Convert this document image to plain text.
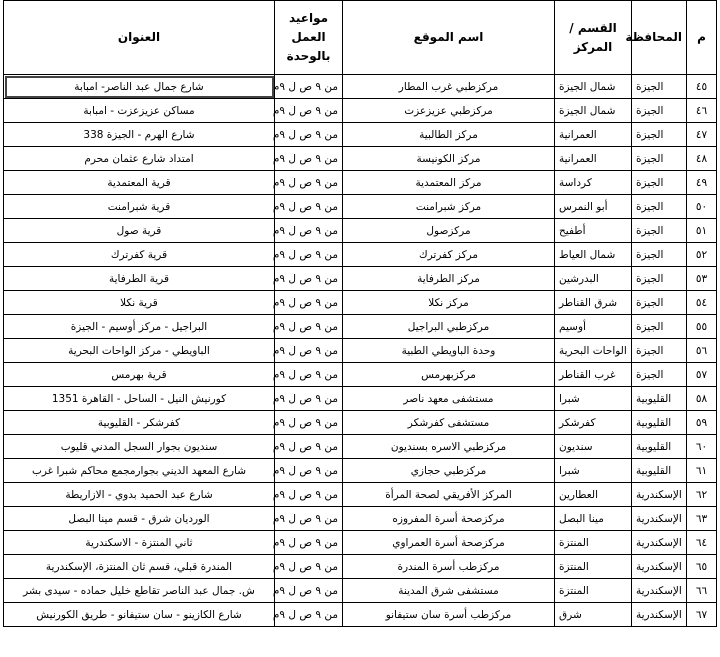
م	المحافظة	القسم / المركز	اسم الموقع	مواعيد العمل بالوحدة	العنوان
٤٥	الجيزة	شمال الجيزة	مركزطبي غرب المطار	من ٩ ص ل ٩م	شارع جمال عبد الناصر- امبابة
٤٦	الجيزة	شمال الجيزة	مركزطبي عزيزعزت	من ٩ ص ل ٩م	مساكن عزيزعزت - امبابة
٤٧	الجيزة	العمرانية	مركز الطالبية	من ٩ ص ل ٩م	شارع الهرم - الجيزة 338
٤٨	الجيزة	العمرانية	مركز الكونيسة	من ٩ ص ل ٩م	امتداد شارع عثمان محرم
٤٩	الجيزة	كرداسة	مركز المعتمدية	من ٩ ص ل ٩م	قرية المعتمدية
٥٠	الجيزة	أبو النمرس	مركز شبرامنت	من ٩ ص ل ٩م	قرية شبرامنت
٥١	الجيزة	أطفيح	مركزصول	من ٩ ص ل ٩م	قرية صول
٥٢	الجيزة	شمال العياط	مركز كفرترك	من ٩ ص ل ٩م	قرية كفرترك
٥٣	الجيزة	البدرشين	مركز الطرفاية	من ٩ ص ل ٩م	قرية الطرفاية
٥٤	الجيزة	شرق القناطر	مركز نكلا	من ٩ ص ل ٩م	قرية نكلا
٥٥	الجيزة	أوسيم	مركزطبي البراجيل	من ٩ ص ل ٩م	البراجيل - مركز أوسيم - الجيزة
٥٦	الجيزة	الواحات البحرية	وحدة الباويطي الطبية	من ٩ ص ل ٩م	الباويطي - مركز الواحات البحرية
٥٧	الجيزة	غرب القناطر	مركزبهرمس	من ٩ ص ل ٩م	قرية بهرمس
٥٨	القليوبية	شبرا	مستشفى معهد ناصر	من ٩ ص ل ٩م	كورنيش النيل - الساحل - القاهرة 1351
٥٩	القليوبية	كفرشكر	مستشفى كفرشكر	من ٩ ص ل ٩م	كفرشكر - القليوبية
٦٠	القليوبية	سنديون	مركزطبي الاسره بسنديون	من ٩ ص ل ٩م	سنديون بجوار السجل المدني قليوب
٦١	القليوبية	شبرا	مركزطبي حجازي	من ٩ ص ل ٩م	شارع المعهد الديني بجوارمجمع محاكم شبرا غرب
٦٢	الإسكندرية	العطارين	المركز الأفريقي لصحة المرأة	من ٩ ص ل ٩م	شارع عبد الحميد بدوي - الازاريطة
٦٣	الإسكندرية	مينا البصل	مركزصحة أسرة المفروزه	من ٩ ص ل ٩م	الورديان شرق - قسم مينا البصل
٦٤	الإسكندرية	المنتزة	مركزصحة أسرة العمراوي	من ٩ ص ل ٩م	ثاني المنتزة - الاسكندرية
٦٥	الإسكندرية	المنتزة	مركزطب أسرة المندرة	من ٩ ص ل ٩م	المندرة قبلي، قسم ثان المنتزة، الإسكندرية
٦٦	الإسكندرية	المنتزة	مستشفى شرق المدينة	من ٩ ص ل ٩م	ش. جمال عبد الناصر تقاطع خليل حماده - سيدى بشر
٦٧	الإسكندرية	شرق	مركزطب أسرة سان ستيفانو	من ٩ ص ل ٩م	شارع الكازينو - سان ستيفانو - طريق الكورنيش
